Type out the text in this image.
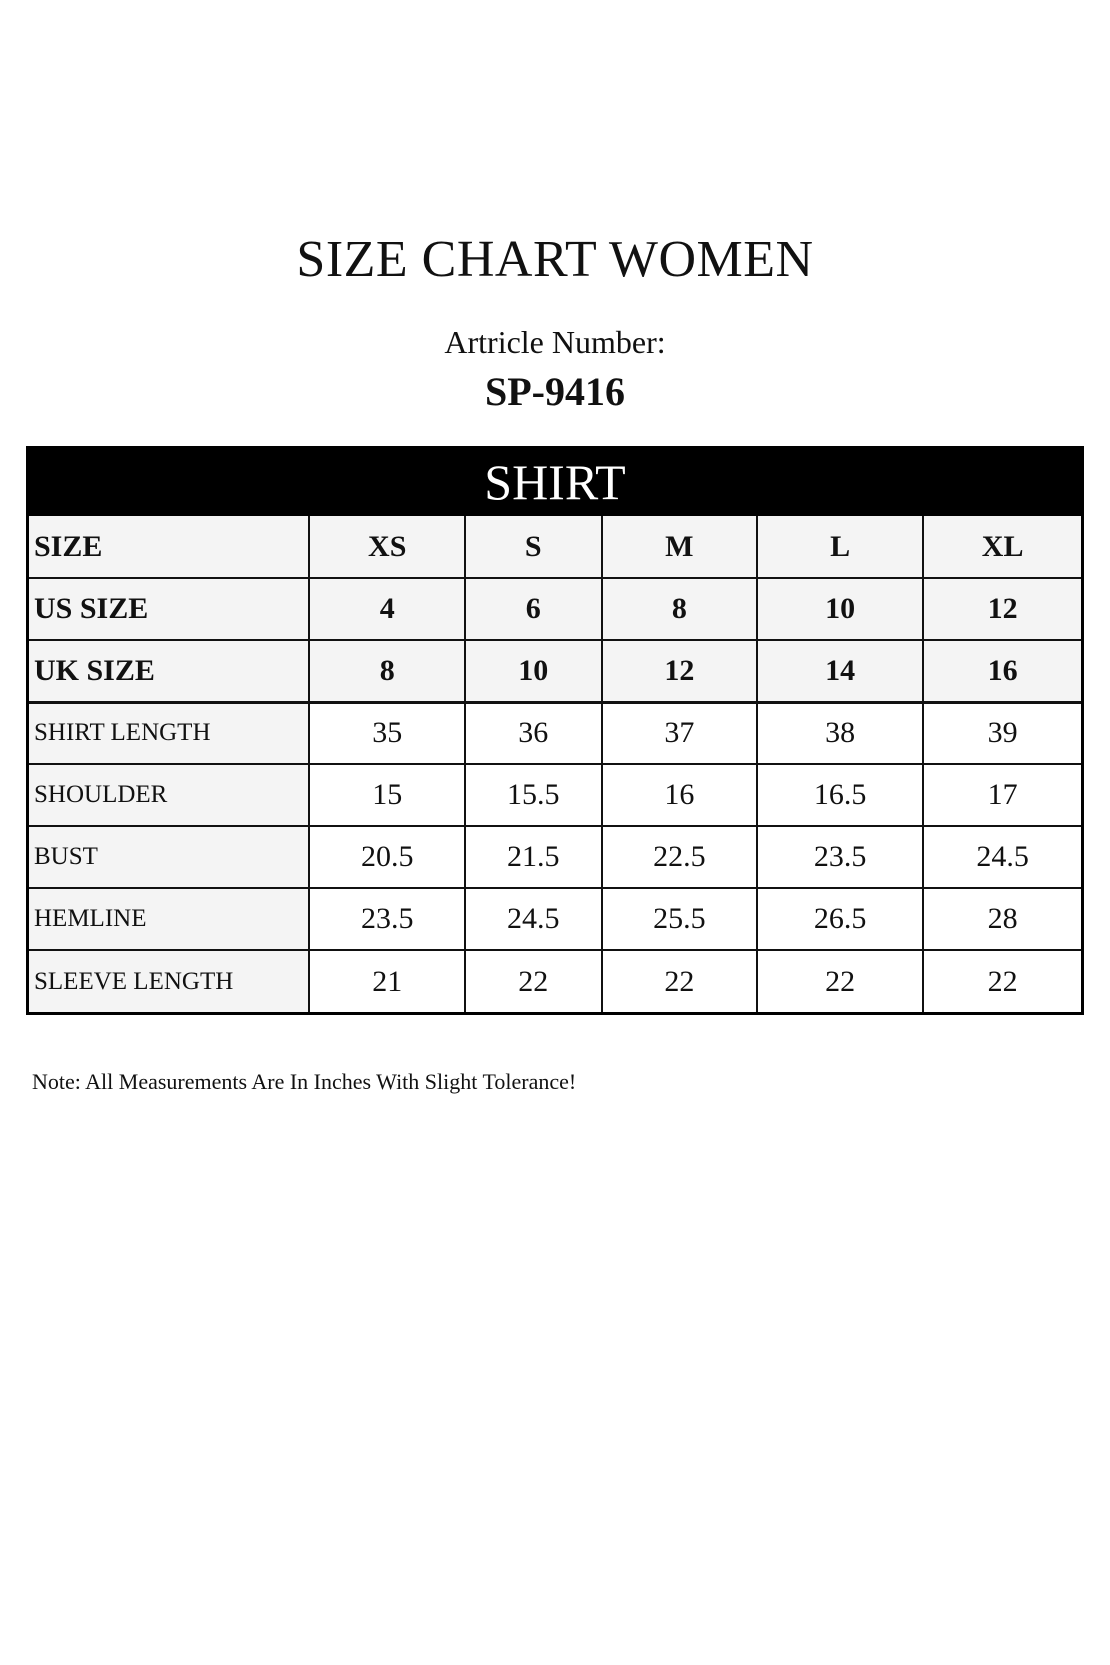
SIZE CHART WOMEN
Artricle Number:
SP-9416
SHIRT
SIZE	XS	S	M	L	XL
US SIZE	4	6	8	10	12
UK SIZE	8	10	12	14	16
SHIRT LENGTH	35	36	37	38	39
SHOULDER	15	15.5	16	16.5	17
BUST	20.5	21.5	22.5	23.5	24.5
HEMLINE	23.5	24.5	25.5	26.5	28
SLEEVE LENGTH	21	22	22	22	22
Note: All Measurements Are In Inches With Slight Tolerance!
